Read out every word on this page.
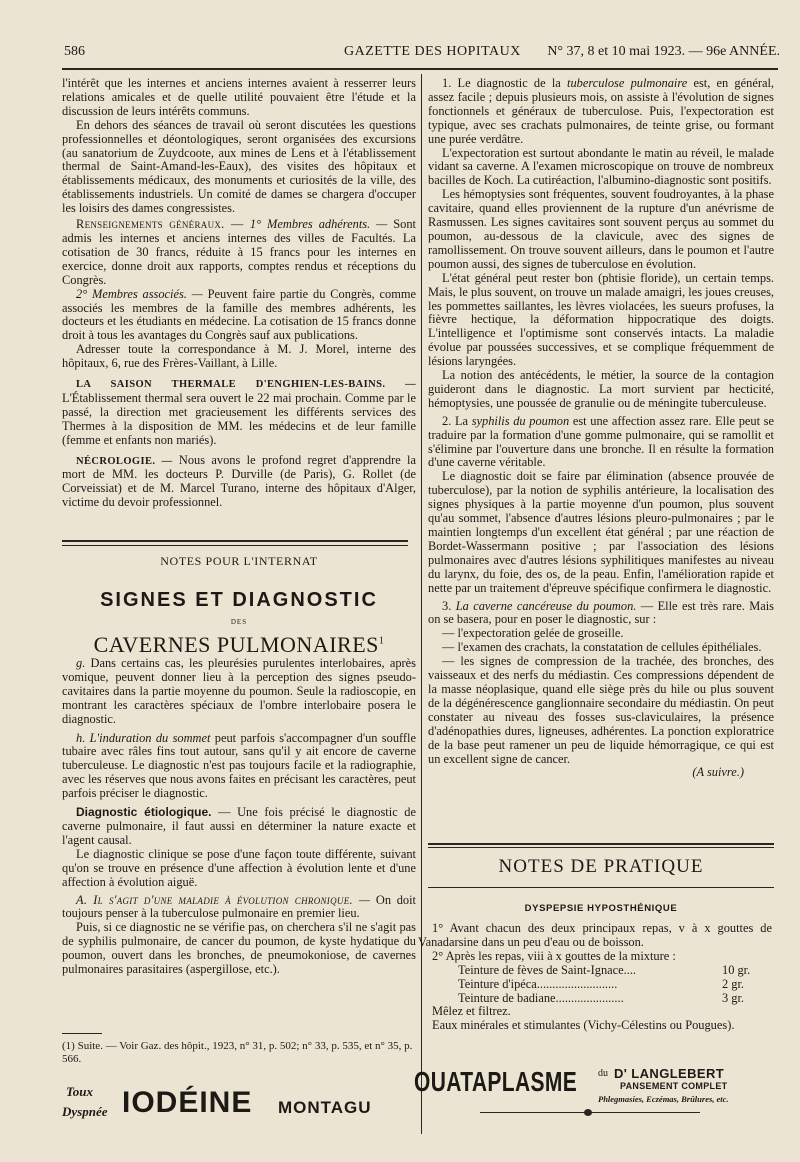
586	GAZETTE DES HOPITAUX N° 37, 8 et 10 mai 1923. — 96e ANNÉE.

l'intérêt que les internes et anciens internes avaient à resserrer leurs relations amicales et de quelle utilité pouvaient être l'étude et la discussion de leurs intérêts communs.

En dehors des séances de travail où seront discutées les questions professionnelles et déontologiques, seront organisées des excursions (au sanatorium de Zuydcoote, aux mines de Lens et à l'établissement thermal de Saint-Amand-les-Eaux), des visites des hôpitaux et établissements médicaux, des monuments et curiosités de la ville, des établissements industriels. Un comité de dames se chargera d'occuper les loisirs des dames congressistes.

Renseignements généraux. — 1° Membres adhérents. — Sont admis les internes et anciens internes des villes de Facultés. La cotisation de 30 francs, réduite à 15 francs pour les internes en exercice, donne droit aux rapports, comptes rendus et réceptions du Congrès.

2° Membres associés. — Peuvent faire partie du Congrès, comme associés les membres de la famille des membres adhérents, les docteurs et les étudiants en médecine. La cotisation de 15 francs donne droit à tous les avantages du Congrès sauf aux publications.

Adresser toute la correspondance à M. J. Morel, interne des hôpitaux, 6, rue des Frères-Vaillant, à Lille.

LA SAISON THERMALE D'ENGHIEN-LES-BAINS. — L'Établissement thermal sera ouvert le 22 mai prochain. Comme par le passé, la direction met gracieusement les différents services des Thermes à la disposition de MM. les médecins et de leur famille (femme et enfants non mariés).

NÉCROLOGIE. — Nous avons le profond regret d'apprendre la mort de MM. les docteurs P. Durville (de Paris), G. Rollet (de Corveissiat) et de M. Marcel Turano, interne des hôpitaux d'Alger, victime du devoir professionnel.

NOTES POUR L'INTERNAT
SIGNES ET DIAGNOSTIC
DES
CAVERNES PULMONAIRES$^1$

g. Dans certains cas, les pleurésies purulentes interlobaires, après vomique, peuvent donner lieu à la perception des signes pseudo-cavitaires dans la partie moyenne du poumon. Seule la radioscopie, en montrant les caractères spéciaux de l'ombre interlobaire posera le diagnostic.

h. L'induration du sommet peut parfois s'accompagner d'un souffle tubaire avec râles fins tout autour, sans qu'il y ait encore de caverne tuberculeuse. Le diagnostic n'est pas toujours facile et la radiographie, avec les réserves que nous avons faites en précisant les caractères, peut parfois préciser le diagnostic.

Diagnostic étiologique. — Une fois précisé le diagnostic de caverne pulmonaire, il faut aussi en déterminer la nature exacte et l'agent causal.

Le diagnostic clinique se pose d'une façon toute différente, suivant qu'on se trouve en présence d'une affection à évolution lente et d'une affection à évolution aiguë.

A. Il s'agit d'une maladie à évolution chronique. — On doit toujours penser à la tuberculose pulmonaire en premier lieu.

Puis, si ce diagnostic ne se vérifie pas, on cherchera s'il ne s'agit pas de syphilis pulmonaire, de cancer du poumon, de kyste hydatique du poumon, ouvert dans les bronches, de pneumokoniose, de cavernes pulmonaires parasitaires (aspergillose, etc.).

(1) Suite. — Voir Gaz. des hôpit., 1923, n° 31, p. 502; n° 33, p. 535, et n° 35, p. 566.

1. Le diagnostic de la tuberculose pulmonaire est, en général, assez facile ; depuis plusieurs mois, on assiste à l'évolution de signes fonctionnels et généraux de tuberculose. Puis, l'expectoration est typique, avec ses crachats pulmonaires, de teinte grise, ou formant une purée verdâtre.

L'expectoration est surtout abondante le matin au réveil, le malade vidant sa caverne. A l'examen microscopique on trouve de nombreux bacilles de Koch. La cutiréaction, l'albumino-diagnostic sont positifs.

Les hémoptysies sont fréquentes, souvent foudroyantes, à la phase cavitaire, quand elles proviennent de la rupture d'un anévrisme de Rasmussen. Les signes cavitaires sont souvent perçus au sommet du poumon, au-dessous de la clavicule, avec des signes de ramollissement. On trouve souvent ailleurs, dans le poumon et l'autre poumon aussi, des signes de tuberculose en évolution.

L'état général peut rester bon (phtisie floride), un certain temps. Mais, le plus souvent, on trouve un malade amaigri, les joues creuses, les pommettes saillantes, les lèvres violacées, les sueurs profuses, la fièvre hectique, la déformation hippocratique des doigts. L'intelligence et l'optimisme sont conservés intacts. La maladie évolue par poussées successives, et se complique fréquemment de lésions laryngées.

La notion des antécédents, le métier, la source de la contagion guideront dans le diagnostic. La mort survient par hecticité, hémoptysies, une poussée de granulie ou de méningite tuberculeuse.

2. La syphilis du poumon est une affection assez rare. Elle peut se traduire par la formation d'une gomme pulmonaire, qui se ramollit et s'élimine par l'ouverture dans une bronche. Il en résulte la formation d'une caverne véritable.

Le diagnostic doit se faire par élimination (absence prouvée de tuberculose), par la notion de syphilis antérieure, la localisation des signes physiques à la partie moyenne d'un poumon, plus souvent qu'au sommet, l'absence d'autres lésions pleuro-pulmonaires ; par le maintien longtemps d'un excellent état général ; par une réaction de Bordet-Wassermann positive ; par l'association des lésions pulmonaires avec d'autres lésions syphilitiques manifestes au niveau du larynx, du foie, des os, de la peau. Enfin, l'amélioration rapide et nette par un traitement d'épreuve spécifique confirmera le diagnostic.

3. La caverne cancéreuse du poumon. — Elle est très rare. Mais on se basera, pour en poser le diagnostic, sur :

— l'expectoration gelée de groseille.

— l'examen des crachats, la constatation de cellules épithéliales.

— les signes de compression de la trachée, des bronches, des vaisseaux et des nerfs du médiastin. Ces compressions dépendent de la masse néoplasique, quand elle siège près du hile ou plus souvent de la dégénérescence ganglionnaire secondaire du médiastin. On peut constater au niveau des fosses sus-claviculaires, la présence d'adénopathies dures, ligneuses, adhérentes. La ponction exploratrice de la base peut ramener un peu de liquide hémorragique, ce qui est un excellent signe de cancer.

(A suivre.)

NOTES DE PRATIQUE
DYSPEPSIE HYPOSTHÉNIQUE

1° Avant chacun des deux principaux repas, v à x gouttes de Vanadarsine dans un peu d'eau ou de boisson.

2° Après les repas, viii à x gouttes de la mixture :

Teinture de fèves de Saint-Ignace....	10 gr.
Teinture d'ipéca..........................	2 gr.
Teinture de badiane......................	3 gr.

Mêlez et filtrez.

Eaux minérales et stimulantes (Vichy-Célestins ou Pougues).

Toux
Dyspnée IODÉINE MONTAGU
OUATAPLASME du D' LANGLEBERT
PANSEMENT COMPLET
Phlegmasies, Eczémas, Brûlures, etc.
